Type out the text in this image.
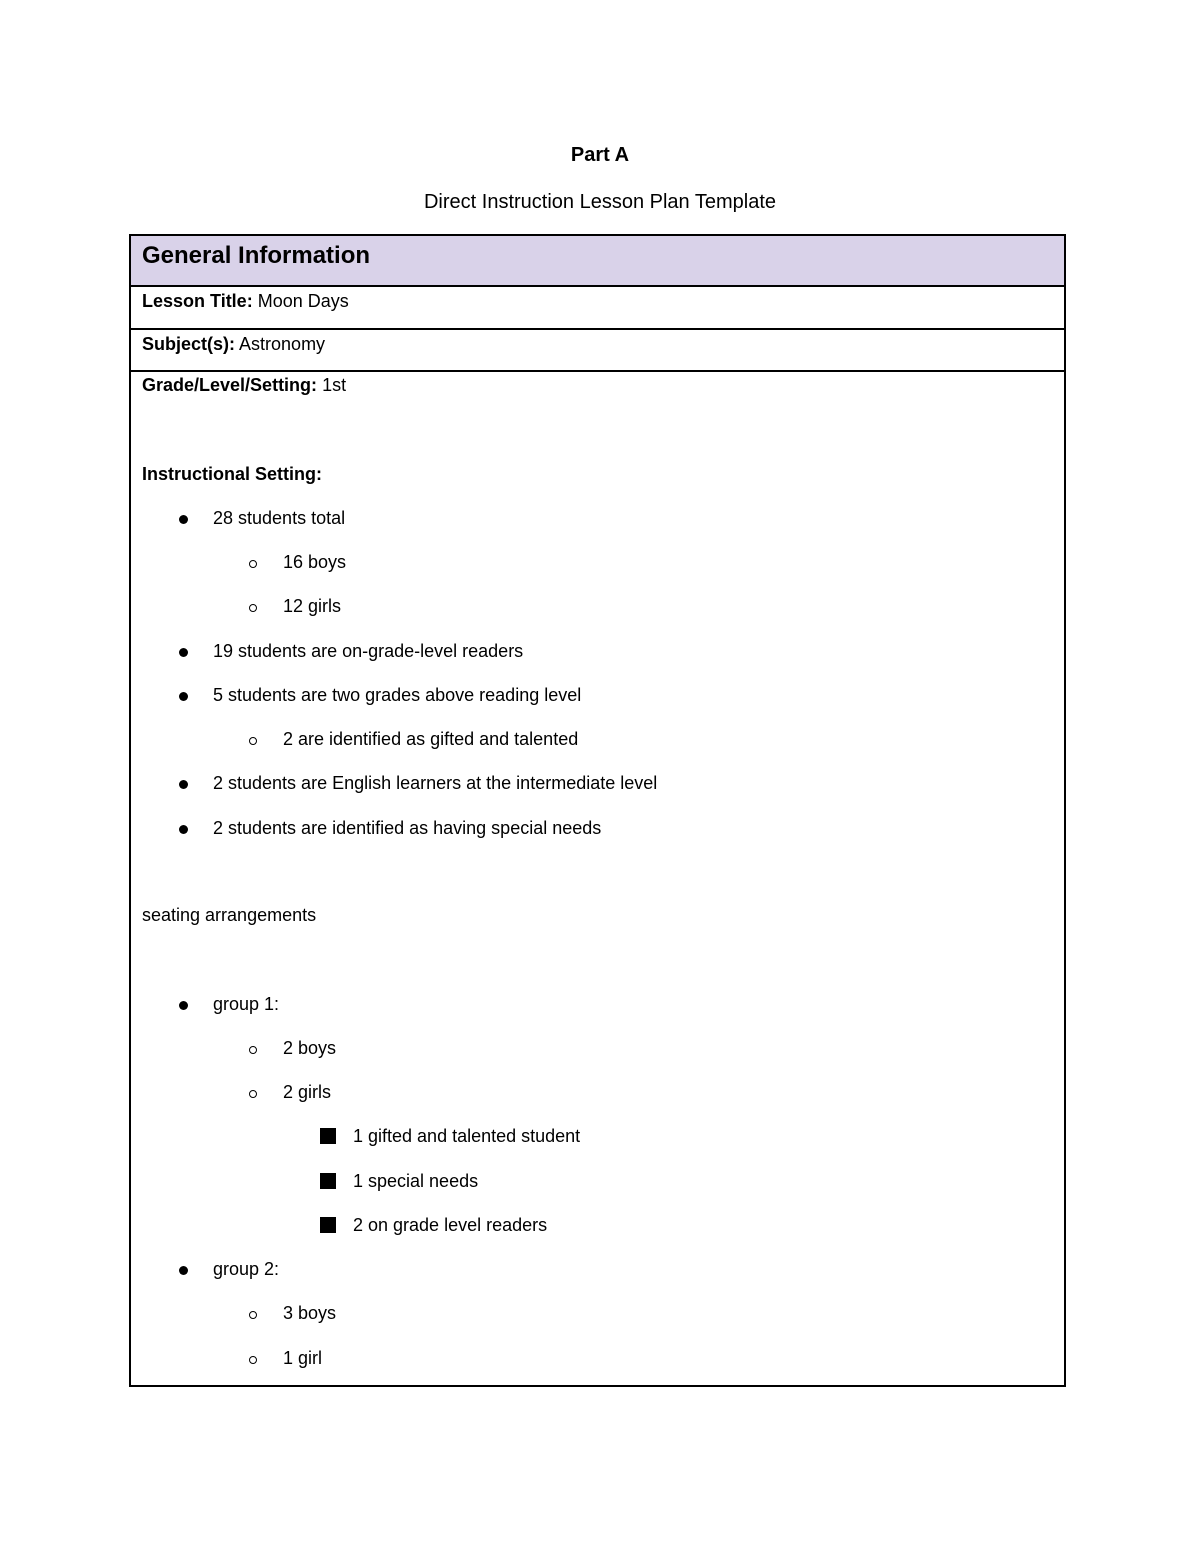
Part A
Direct Instruction Lesson Plan Template
General Information
Lesson Title: Moon Days
Subject(s): Astronomy
Grade/Level/Setting: 1st
Instructional Setting:
28 students total
16 boys
12 girls
19 students are on-grade-level readers
5 students are two grades above reading level
2 are identified as gifted and talented
2 students are English learners at the intermediate level
2 students are identified as having special needs
seating arrangements
group 1:
2 boys
2 girls
1 gifted and talented student
1 special needs
2 on grade level readers
group 2:
3 boys
1 girl
